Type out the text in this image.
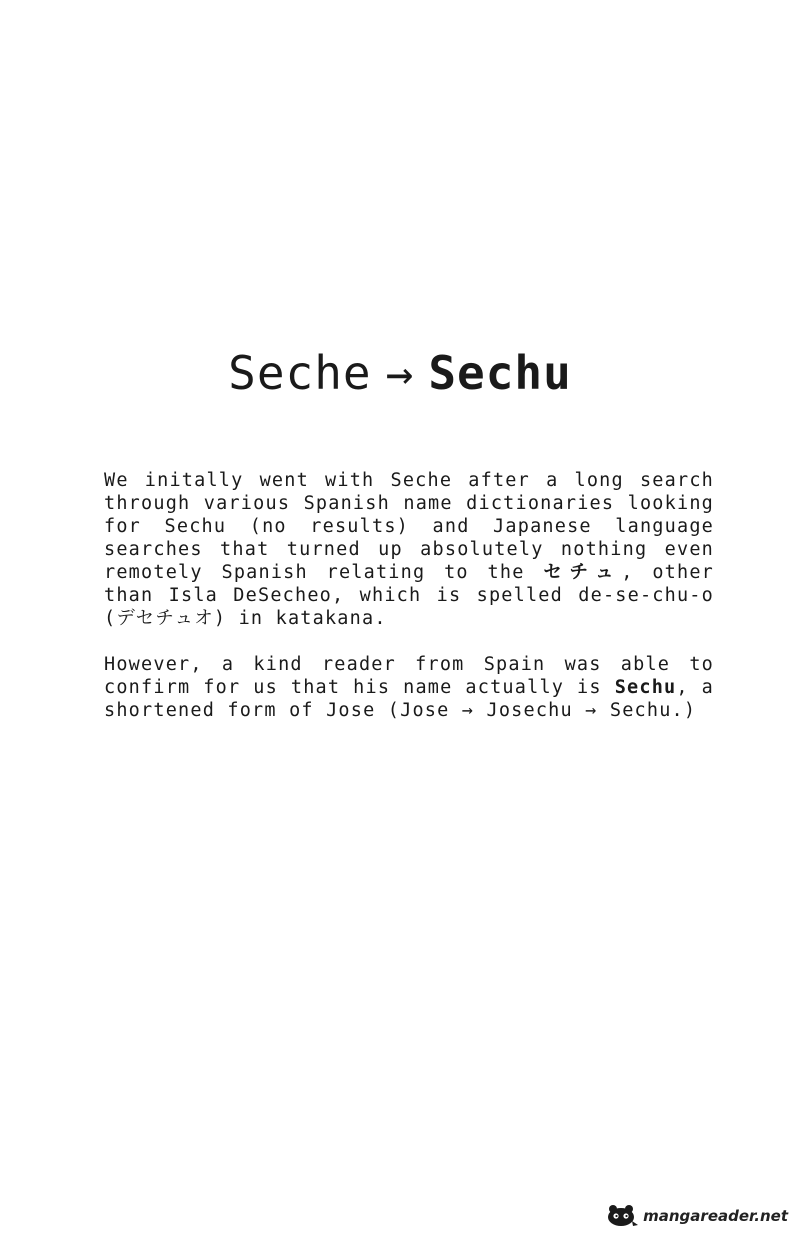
Seche → Sechu

We initally went with Seche after a long search through various Spanish name dictionaries looking for Sechu (no results) and Japanese language searches that turned up absolutely nothing even remotely Spanish relating to the セチュ, other than Isla DeSecheo, which is spelled de-se-chu-o (デセチュオ) in katakana.

However, a kind reader from Spain was able to confirm for us that his name actually is Sechu, a shortened form of Jose (Jose → Josechu → Sechu.)

mangareader.net
